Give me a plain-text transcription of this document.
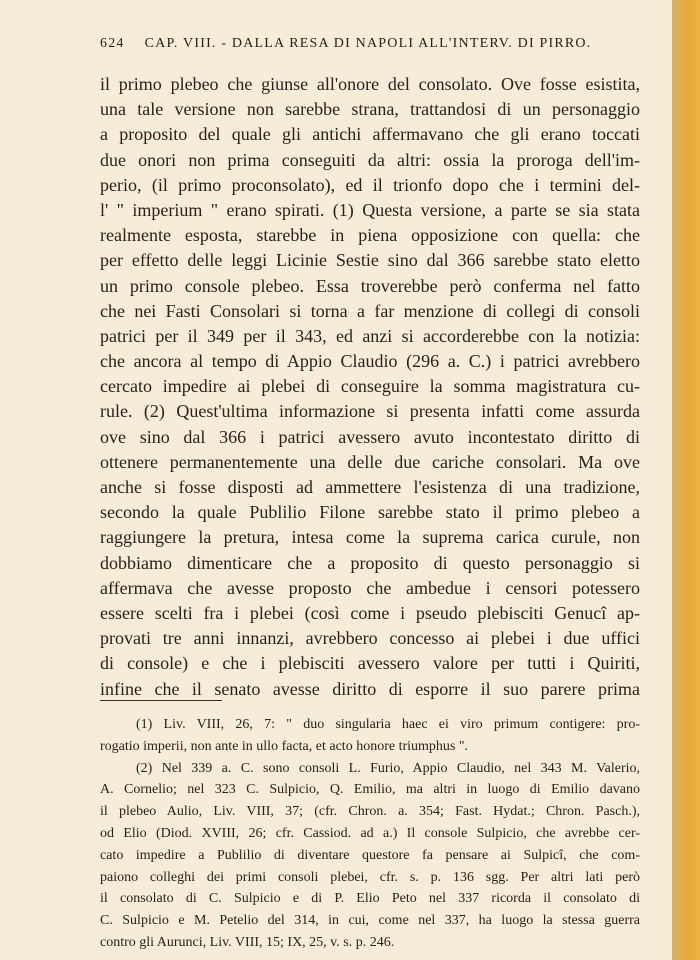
624 CAP. VIII. - DALLA RESA DI NAPOLI ALL'INTERV. DI PIRRO.
il primo plebeo che giunse all'onore del consolato. Ove fosse esistita,
una tale versione non sarebbe strana, trattandosi di un personaggio
a proposito del quale gli antichi affermavano che gli erano toccati
due onori non prima conseguiti da altri: ossia la proroga dell'im-
perio, (il primo proconsolato), ed il trionfo dopo che i termini del-
l' " imperium " erano spirati. (1) Questa versione, a parte se sia stata
realmente esposta, starebbe in piena opposizione con quella: che
per effetto delle leggi Licinie Sestie sino dal 366 sarebbe stato eletto
un primo console plebeo. Essa troverebbe però conferma nel fatto
che nei Fasti Consolari si torna a far menzione di collegi di consoli
patrici per il 349 per il 343, ed anzi si accorderebbe con la notizia:
che ancora al tempo di Appio Claudio (296 a. C.) i patrici avrebbero
cercato impedire ai plebei di conseguire la somma magistratura cu-
rule. (2) Quest'ultima informazione si presenta infatti come assurda
ove sino dal 366 i patrici avessero avuto incontestato diritto di
ottenere permanentemente una delle due cariche consolari. Ma ove
anche si fosse disposti ad ammettere l'esistenza di una tradizione,
secondo la quale Publilio Filone sarebbe stato il primo plebeo a
raggiungere la pretura, intesa come la suprema carica curule, non
dobbiamo dimenticare che a proposito di questo personaggio si
affermava che avesse proposto che ambedue i censori potessero
essere scelti fra i plebei (così come i pseudo plebisciti Genucî ap-
provati tre anni innanzi, avrebbero concesso ai plebei i due uffici
di console) e che i plebisciti avessero valore per tutti i Quiriti,
infine che il senato avesse diritto di esporre il suo parere prima
(1) Liv. VIII, 26, 7: " duo singularia haec ei viro primum contigere: pro-
rogatio imperii, non ante in ullo facta, et acto honore triumphus ".
(2) Nel 339 a. C. sono consoli L. Furio, Appio Claudio, nel 343 M. Valerio,
A. Cornelio; nel 323 C. Sulpicio, Q. Emilio, ma altri in luogo di Emilio davano
il plebeo Aulio, Liv. VIII, 37; (cfr. Chron. a. 354; Fast. Hydat.; Chron. Pasch.),
od Elio (Diod. XVIII, 26; cfr. Cassiod. ad a.) Il console Sulpicio, che avrebbe cer-
cato impedire a Publilio di diventare questore fa pensare ai Sulpicî, che com-
paiono colleghi dei primi consoli plebei, cfr. s. p. 136 sgg. Per altri lati però
il consolato di C. Sulpicio e di P. Elio Peto nel 337 ricorda il consolato di
C. Sulpicio e M. Petelio del 314, in cui, come nel 337, ha luogo la stessa guerra
contro gli Aurunci, Liv. VIII, 15; IX, 25, v. s. p. 246.
